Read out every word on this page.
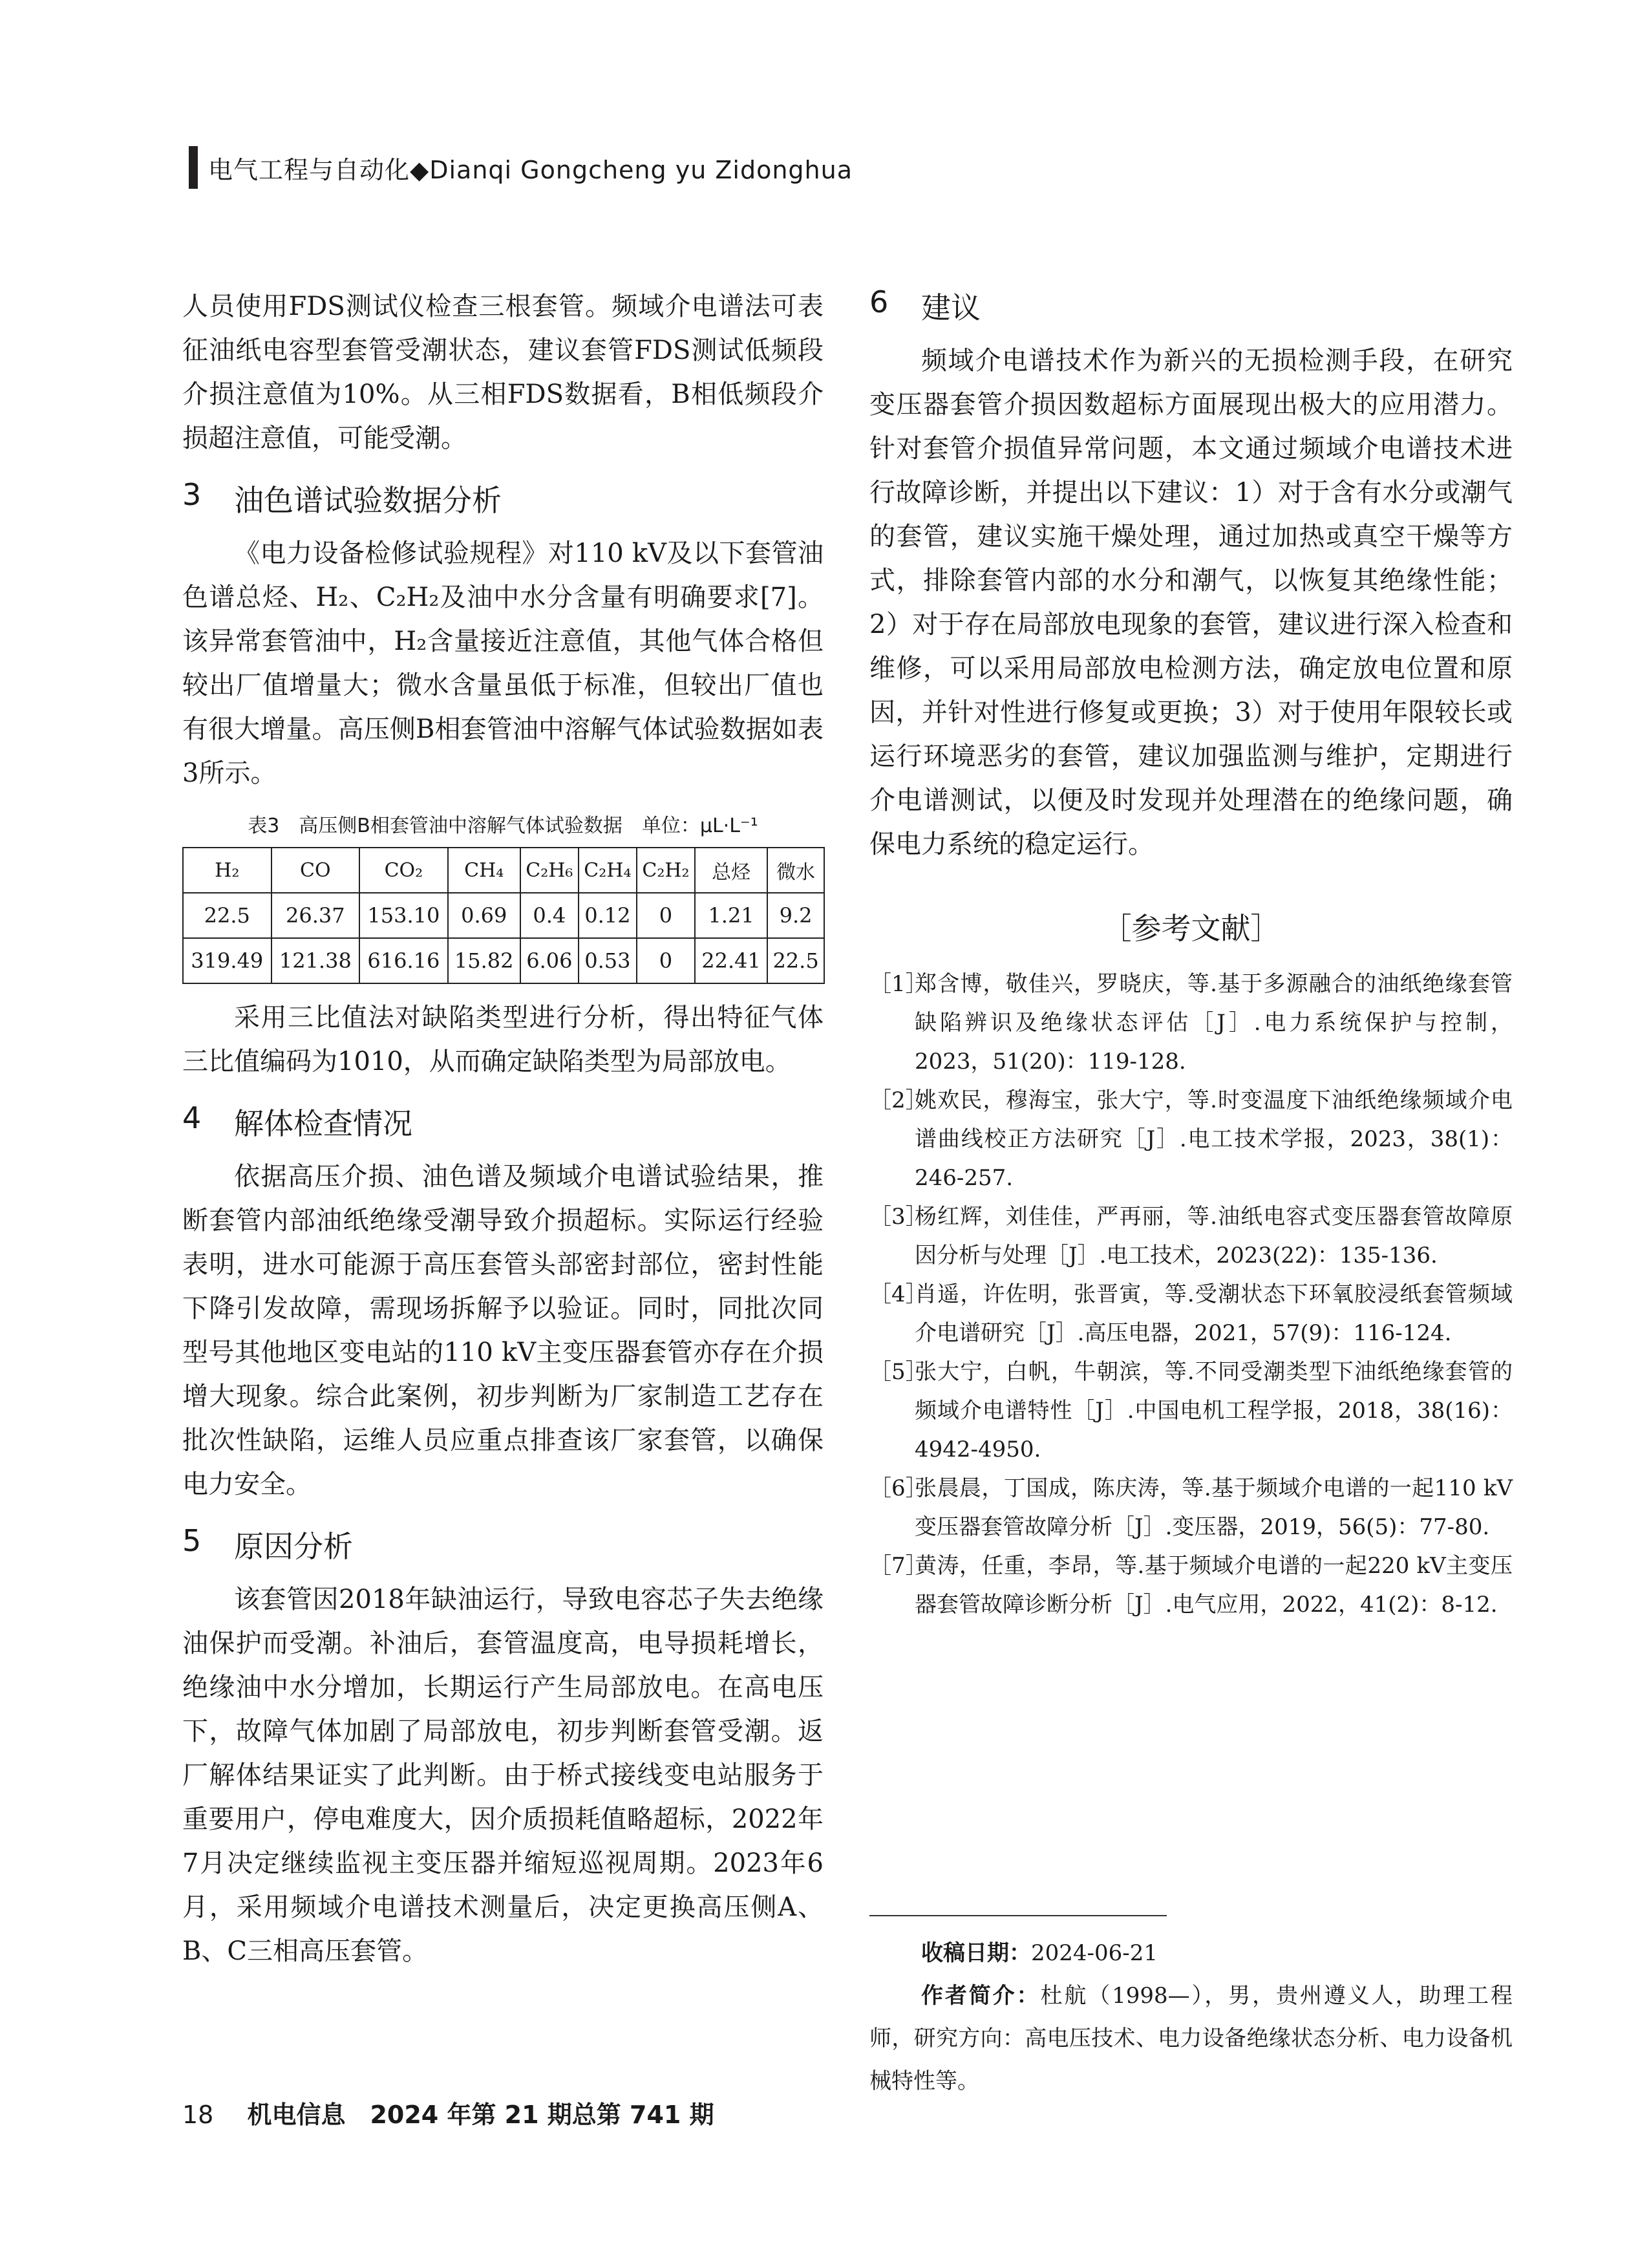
电气工程与自动化◆Dianqi Gongcheng yu Zidonghua

人员使用FDS测试仪检查三根套管。频域介电谱法可表征油纸电容型套管受潮状态，建议套管FDS测试低频段介损注意值为10%。从三相FDS数据看，B相低频段介损超注意值，可能受潮。

3	油色谱试验数据分析

《电力设备检修试验规程》对110 kV及以下套管油色谱总烃、H₂、C₂H₂及油中水分含量有明确要求[7]。该异常套管油中，H₂含量接近注意值，其他气体合格但较出厂值增量大；微水含量虽低于标准，但较出厂值也有很大增量。高压侧B相套管油中溶解气体试验数据如表3所示。

表3　高压侧B相套管油中溶解气体试验数据　单位：μL·L⁻¹
H₂	CO	CO₂	CH₄	C₂H₆	C₂H₄	C₂H₂	总烃	微水
22.5	26.37	153.10	0.69	0.4	0.12	0	1.21	9.2
319.49	121.38	616.16	15.82	6.06	0.53	0	22.41	22.5

采用三比值法对缺陷类型进行分析，得出特征气体三比值编码为1010，从而确定缺陷类型为局部放电。

4	解体检查情况

依据高压介损、油色谱及频域介电谱试验结果，推断套管内部油纸绝缘受潮导致介损超标。实际运行经验表明，进水可能源于高压套管头部密封部位，密封性能下降引发故障，需现场拆解予以验证。同时，同批次同型号其他地区变电站的110 kV主变压器套管亦存在介损增大现象。综合此案例，初步判断为厂家制造工艺存在批次性缺陷，运维人员应重点排查该厂家套管，以确保电力安全。

5	原因分析

该套管因2018年缺油运行，导致电容芯子失去绝缘油保护而受潮。补油后，套管温度高，电导损耗增长，绝缘油中水分增加，长期运行产生局部放电。在高电压下，故障气体加剧了局部放电，初步判断套管受潮。返厂解体结果证实了此判断。由于桥式接线变电站服务于重要用户，停电难度大，因介质损耗值略超标，2022年7月决定继续监视主变压器并缩短巡视周期。2023年6月，采用频域介电谱技术测量后，决定更换高压侧A、B、C三相高压套管。

6	建议

频域介电谱技术作为新兴的无损检测手段，在研究变压器套管介损因数超标方面展现出极大的应用潜力。针对套管介损值异常问题，本文通过频域介电谱技术进行故障诊断，并提出以下建议：1）对于含有水分或潮气的套管，建议实施干燥处理，通过加热或真空干燥等方式，排除套管内部的水分和潮气，以恢复其绝缘性能；2）对于存在局部放电现象的套管，建议进行深入检查和维修，可以采用局部放电检测方法，确定放电位置和原因，并针对性进行修复或更换；3）对于使用年限较长或运行环境恶劣的套管，建议加强监测与维护，定期进行介电谱测试，以便及时发现并处理潜在的绝缘问题，确保电力系统的稳定运行。

［参考文献］
［1］
郑含博，敬佳兴，罗晓庆，等.基于多源融合的油纸绝缘套管缺陷辨识及绝缘状态评估［J］.电力系统保护与控制，2023，51(20)：119-128.
［2］
姚欢民，穆海宝，张大宁，等.时变温度下油纸绝缘频域介电谱曲线校正方法研究［J］.电工技术学报，2023，38(1)：246-257.
［3］
杨红辉，刘佳佳，严再丽，等.油纸电容式变压器套管故障原因分析与处理［J］.电工技术，2023(22)：135-136.
［4］
肖遥，许佐明，张晋寅，等.受潮状态下环氧胶浸纸套管频域介电谱研究［J］.高压电器，2021，57(9)：116-124.
［5］
张大宁，白帆，牛朝滨，等.不同受潮类型下油纸绝缘套管的频域介电谱特性［J］.中国电机工程学报，2018，38(16)：4942-4950.
［6］
张晨晨，丁国成，陈庆涛，等.基于频域介电谱的一起110 kV变压器套管故障分析［J］.变压器，2019，56(5)：77-80.
［7］
黄涛，任重，李昂，等.基于频域介电谱的一起220 kV主变压器套管故障诊断分析［J］.电气应用，2022，41(2)：8-12.
收稿日期：2024-06-21
作者简介：杜航（1998—），男，贵州遵义人，助理工程师，研究方向：高电压技术、电力设备绝缘状态分析、电力设备机械特性等。
18 机电信息　2024 年第 21 期总第 741 期
